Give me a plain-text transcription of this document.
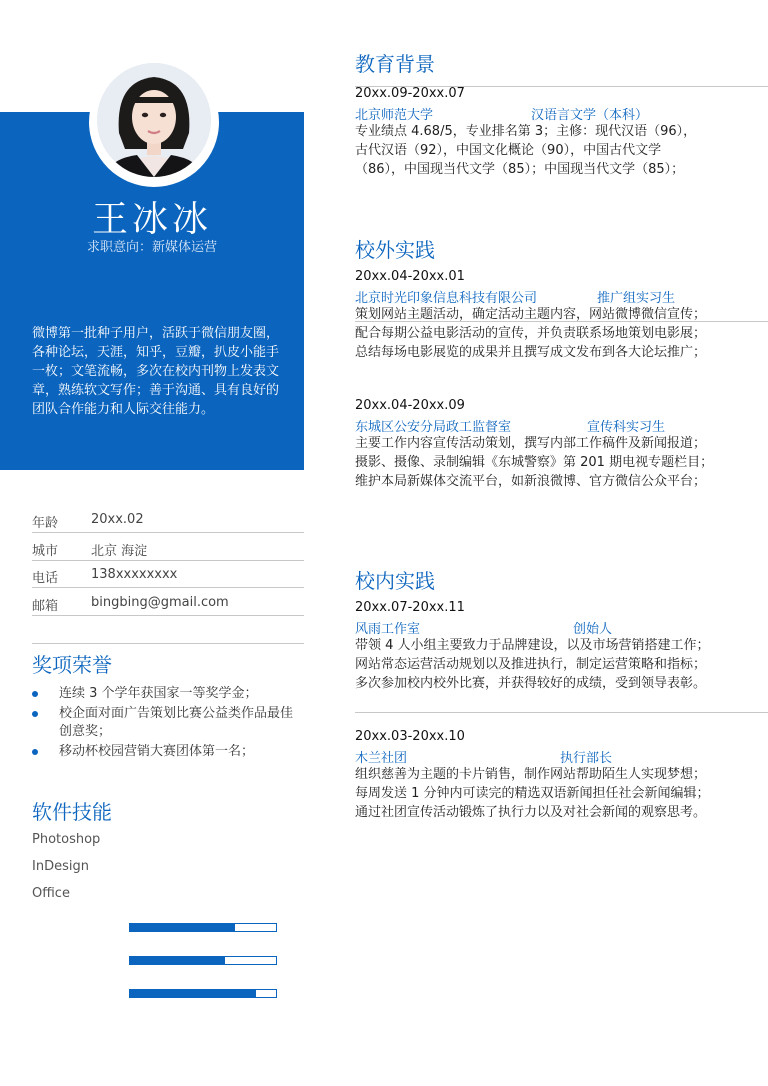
王冰冰
求职意向：新媒体运营
微博第一批种子用户，活跃于微信朋友圈，各种论坛，天涯，知乎，豆瓣，扒皮小能手一枚；文笔流畅，多次在校内刊物上发表文章，熟练软文写作；善于沟通、具有良好的团队合作能力和人际交往能力。
年龄	20xx.02
城市	北京 海淀
电话	138xxxxxxxx
邮箱	bingbing@gmail.com
奖项荣誉
连续 3 个学年获国家一等奖学金；
校企面对面广告策划比赛公益类作品最佳创意奖；
移动杯校园营销大赛团体第一名；
软件技能
Photoshop
InDesign
Office
教育背景
20xx.09-20xx.07
北京师范大学	汉语言文学（本科）
专业绩点 4.68/5，专业排名第 3；主修：现代汉语（96），
古代汉语（92），中国文化概论（90），中国古代文学
（86），中国现当代文学（85）；中国现当代文学（85）；
校外实践
20xx.04-20xx.01
北京时光印象信息科技有限公司	推广组实习生
策划网站主题活动，确定活动主题内容，网站微博微信宣传；
配合每期公益电影活动的宣传，并负责联系场地策划电影展；
总结每场电影展览的成果并且撰写成文发布到各大论坛推广；
20xx.04-20xx.09
东城区公安分局政工监督室	宣传科实习生
主要工作内容宣传活动策划，撰写内部工作稿件及新闻报道；
摄影、摄像、录制编辑《东城警察》第 201 期电视专题栏目；
维护本局新媒体交流平台，如新浪微博、官方微信公众平台；
校内实践
20xx.07-20xx.11
风雨工作室	创始人
带领 4 人小组主要致力于品牌建设，以及市场营销搭建工作；
网站常态运营活动规划以及推进执行，制定运营策略和指标；
多次参加校内校外比赛，并获得较好的成绩，受到领导表彰。
20xx.03-20xx.10
木兰社团	执行部长
组织慈善为主题的卡片销售，制作网站帮助陌生人实现梦想；
每周发送 1 分钟内可读完的精选双语新闻担任社会新闻编辑；
通过社团宣传活动锻炼了执行力以及对社会新闻的观察思考。
